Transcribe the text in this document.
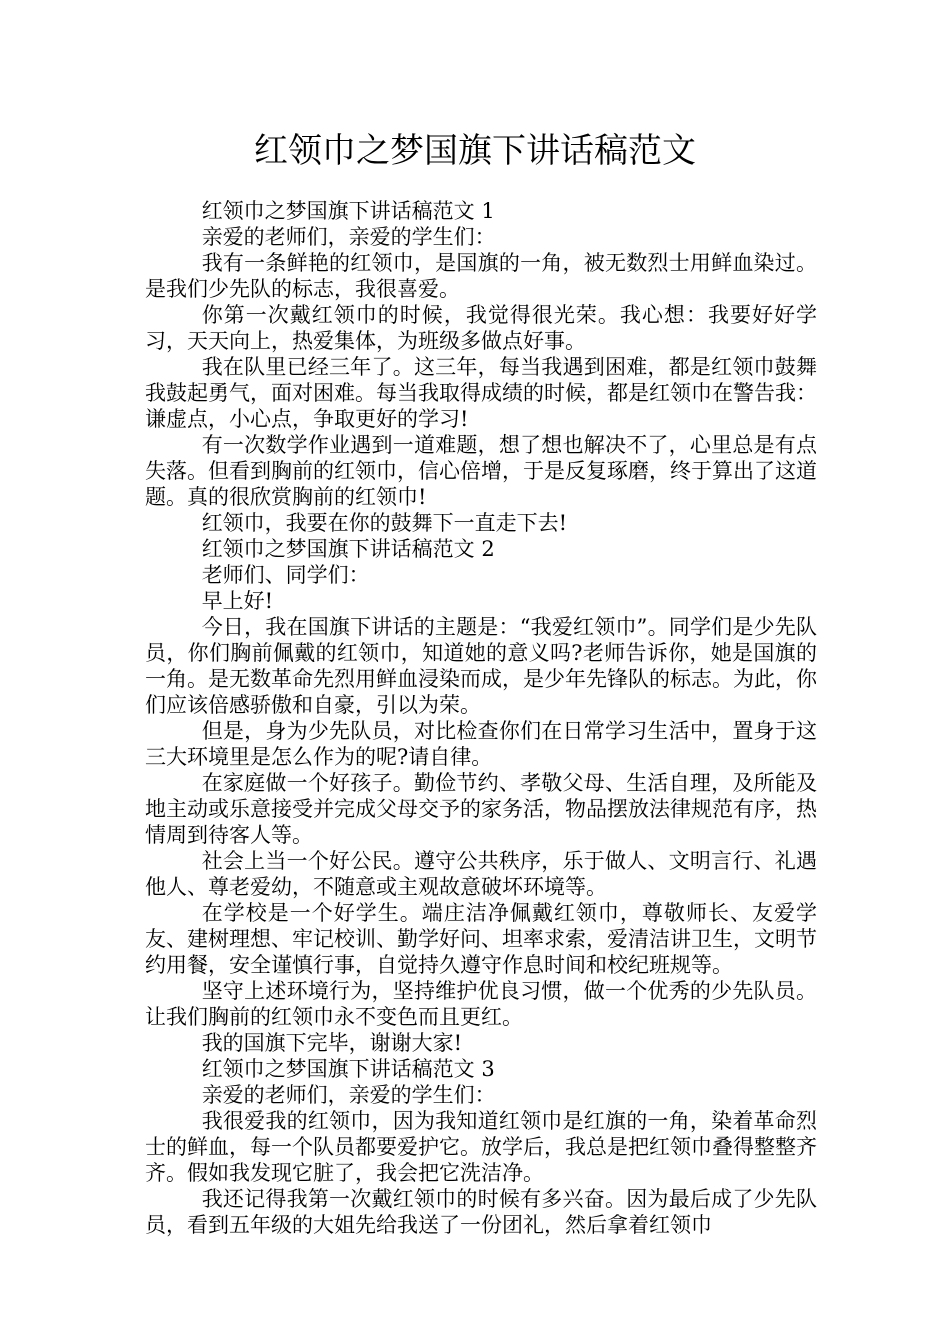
红领巾之梦国旗下讲话稿范文

红领巾之梦国旗下讲话稿范文 1

亲爱的老师们，亲爱的学生们：

我有一条鲜艳的红领巾，是国旗的一角，被无数烈士用鲜血染过。是我们少先队的标志，我很喜爱。

你第一次戴红领巾的时候，我觉得很光荣。我心想：我要好好学习，天天向上，热爱集体，为班级多做点好事。

我在队里已经三年了。这三年，每当我遇到困难，都是红领巾鼓舞我鼓起勇气，面对困难。每当我取得成绩的时候，都是红领巾在警告我：谦虚点，小心点，争取更好的学习!

有一次数学作业遇到一道难题，想了想也解决不了，心里总是有点失落。但看到胸前的红领巾，信心倍增，于是反复琢磨，终于算出了这道题。真的很欣赏胸前的红领巾!

红领巾，我要在你的鼓舞下一直走下去!

红领巾之梦国旗下讲话稿范文 2

老师们、同学们：

早上好!

今日，我在国旗下讲话的主题是：“我爱红领巾”。同学们是少先队员，你们胸前佩戴的红领巾，知道她的意义吗?老师告诉你，她是国旗的一角。是无数革命先烈用鲜血浸染而成，是少年先锋队的标志。为此，你们应该倍感骄傲和自豪，引以为荣。

但是，身为少先队员，对比检查你们在日常学习生活中，置身于这三大环境里是怎么作为的呢?请自律。

在家庭做一个好孩子。勤俭节约、孝敬父母、生活自理，及所能及地主动或乐意接受并完成父母交予的家务活，物品摆放法律规范有序，热情周到待客人等。

社会上当一个好公民。遵守公共秩序，乐于做人、文明言行、礼遇他人、尊老爱幼，不随意或主观故意破坏环境等。

在学校是一个好学生。端庄洁净佩戴红领巾，尊敬师长、友爱学友、建树理想、牢记校训、勤学好问、坦率求索，爱清洁讲卫生，文明节约用餐，安全谨慎行事，自觉持久遵守作息时间和校纪班规等。

坚守上述环境行为，坚持维护优良习惯，做一个优秀的少先队员。让我们胸前的红领巾永不变色而且更红。

我的国旗下完毕，谢谢大家!

红领巾之梦国旗下讲话稿范文 3

亲爱的老师们，亲爱的学生们：

我很爱我的红领巾，因为我知道红领巾是红旗的一角，染着革命烈士的鲜血，每一个队员都要爱护它。放学后，我总是把红领巾叠得整整齐齐。假如我发现它脏了，我会把它洗洁净。

我还记得我第一次戴红领巾的时候有多兴奋。因为最后成了少先队员，看到五年级的大姐先给我送了一份团礼，然后拿着红领巾
